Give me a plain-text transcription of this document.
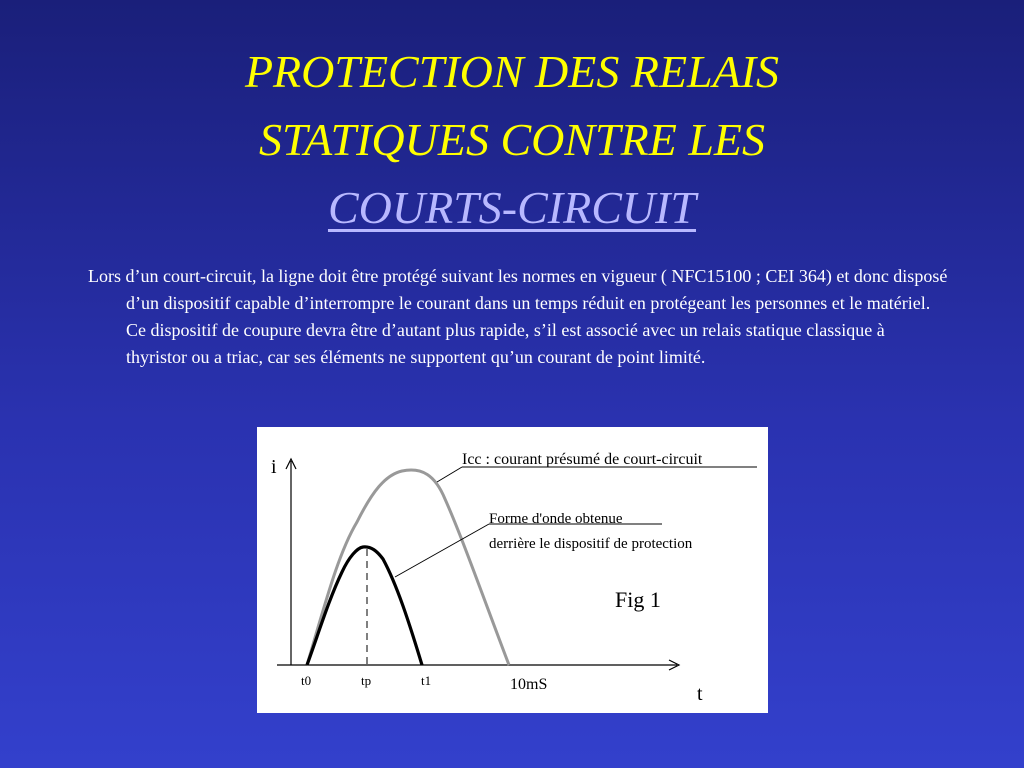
PROTECTION DES RELAIS
STATIQUES CONTRE LES
COURTS-CIRCUIT
Lors d’un court-circuit, la ligne doit être protégé suivant les normes en vigueur ( NFC15100 ; CEI 364) et donc disposé d’un dispositif capable d’interrompre le courant dans un temps réduit en protégeant les personnes et le matériel. Ce dispositif de coupure devra être d’autant plus rapide, s’il est associé avec un relais statique classique à thyristor ou a triac, car ses éléments ne supportent qu’un courant de point limité.
i
t
Icc : courant présumé de court-circuit
Forme d'onde obtenue
derrière le dispositif de protection
Fig 1
t0	tp	t1	10mS
